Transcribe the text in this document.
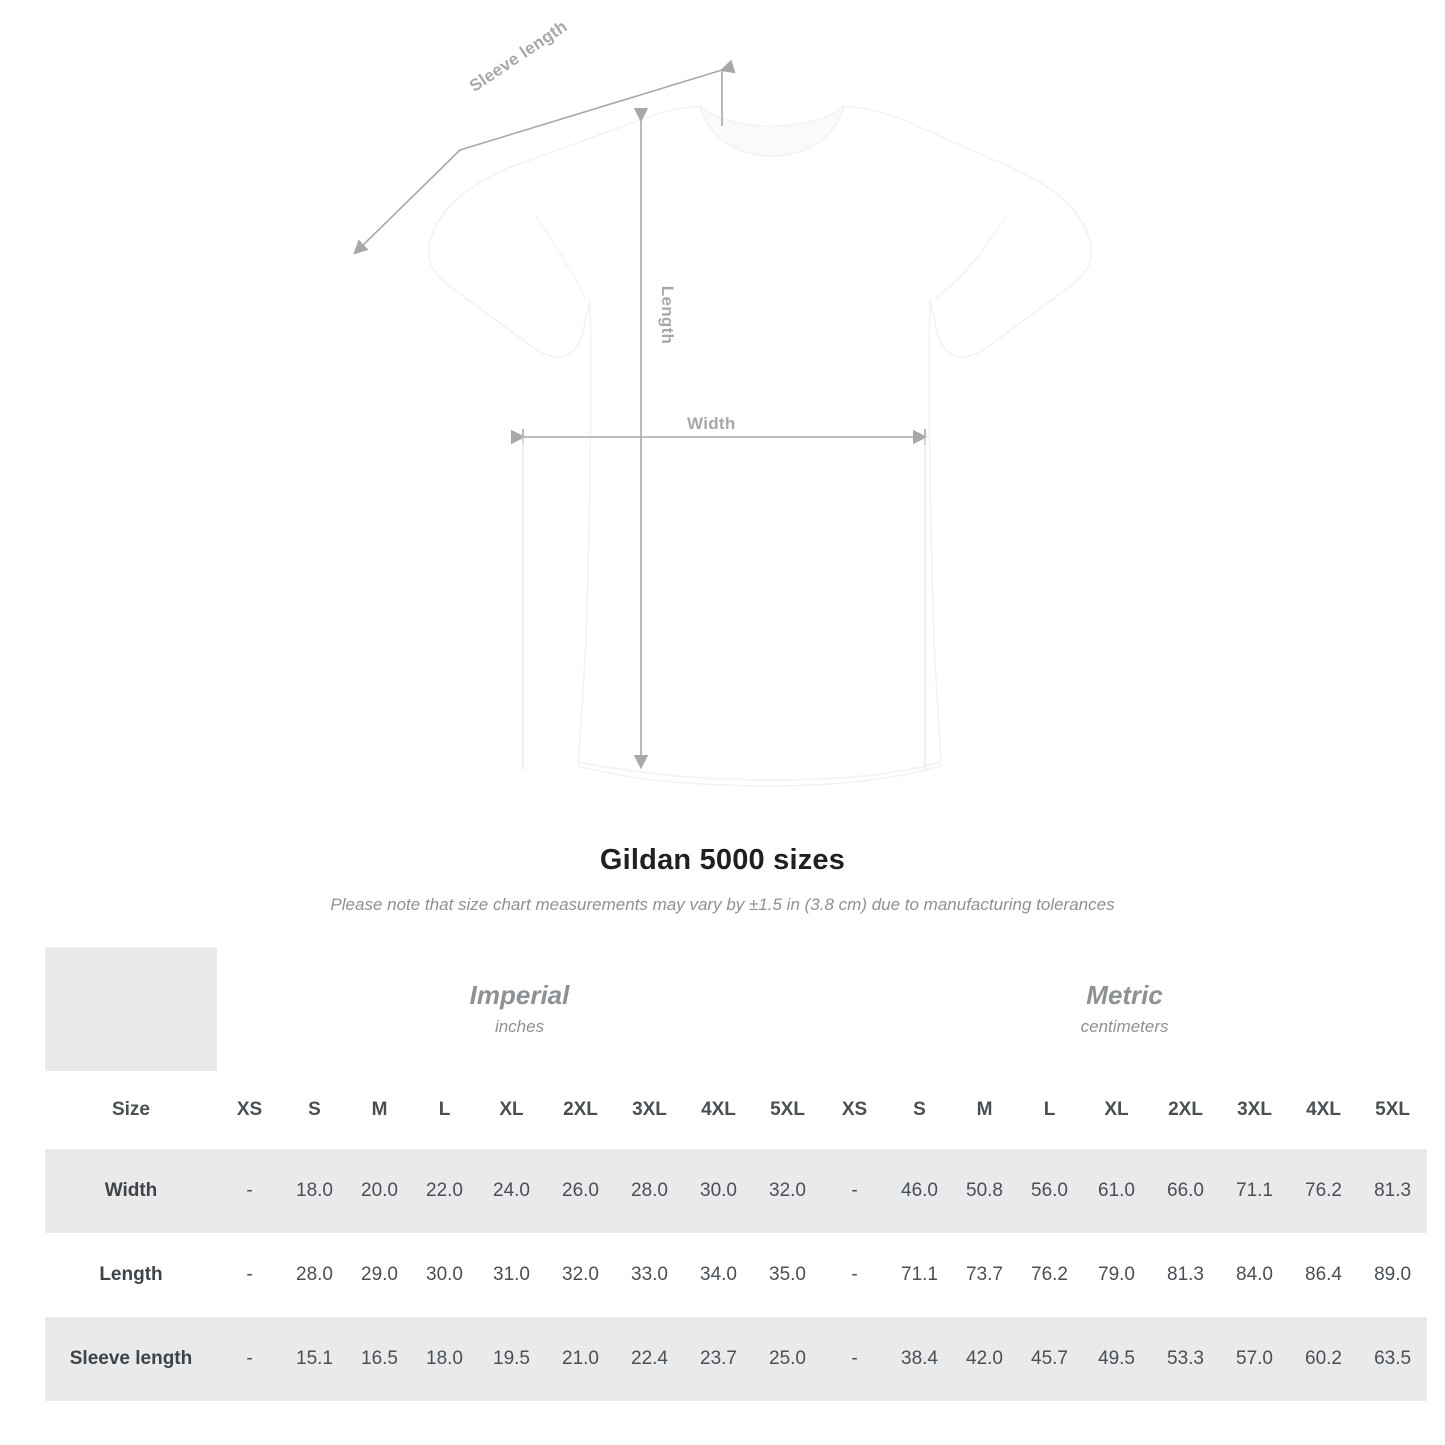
Width
Length
Sleeve length
Gildan 5000 sizes
Please note that size chart measurements may vary by ±1.5 in (3.8 cm) due to manufacturing tolerances

Imperial
inches

Metric
centimeters

Size	XS	S	M	L	XL	2XL	3XL	4XL	5XL	XS	S	M	L	XL	2XL	3XL	4XL	5XL
Width	-	18.0	20.0	22.0	24.0	26.0	28.0	30.0	32.0	-	46.0	50.8	56.0	61.0	66.0	71.1	76.2	81.3
Length	-	28.0	29.0	30.0	31.0	32.0	33.0	34.0	35.0	-	71.1	73.7	76.2	79.0	81.3	84.0	86.4	89.0
Sleeve length	-	15.1	16.5	18.0	19.5	21.0	22.4	23.7	25.0	-	38.4	42.0	45.7	49.5	53.3	57.0	60.2	63.5
